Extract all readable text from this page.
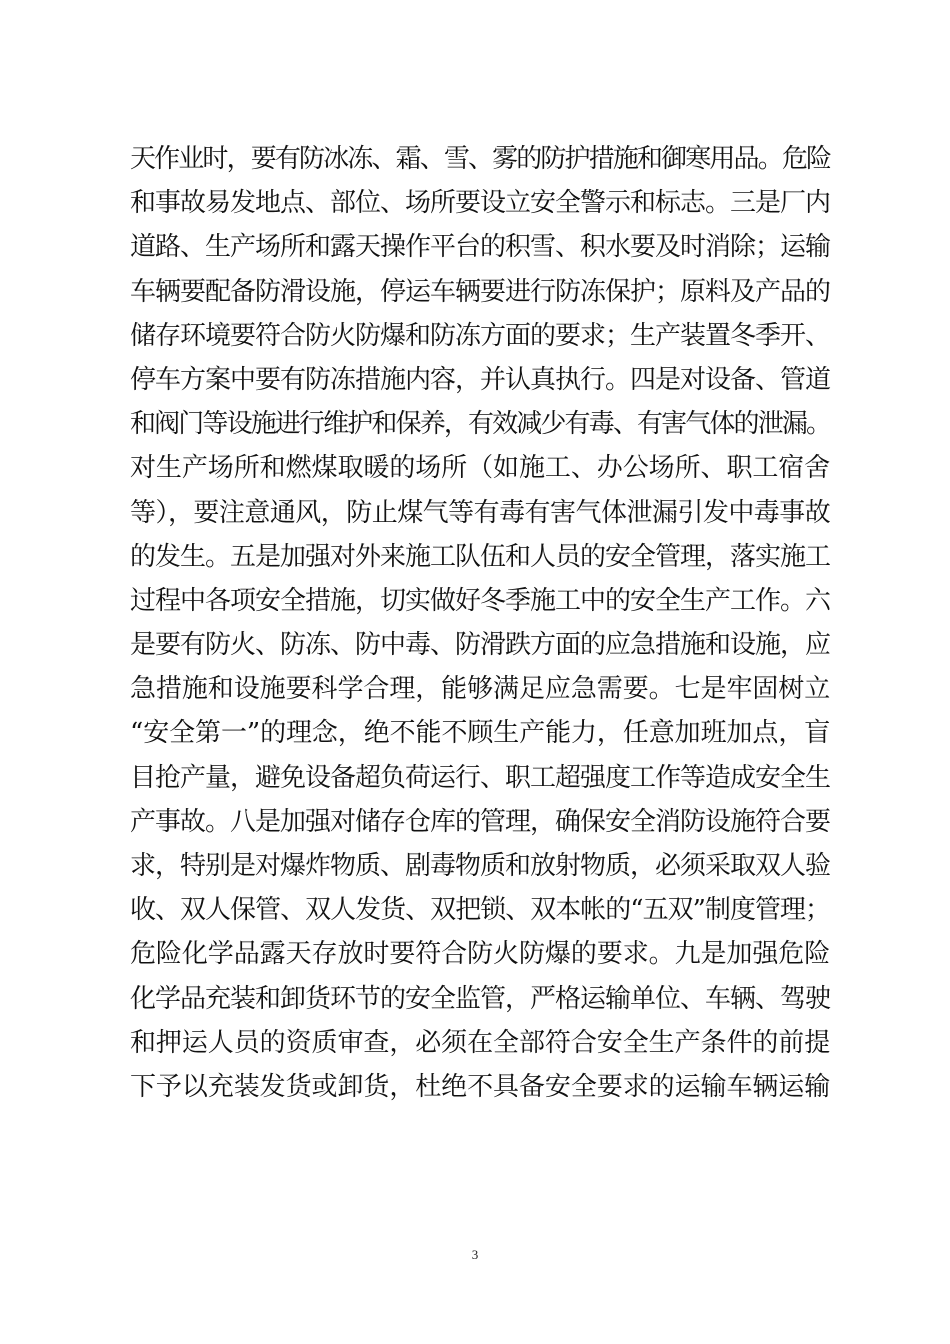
天作业时，要有防冰冻、霜、雪、雾的防护措施和御寒用品。危险
和事故易发地点、部位、场所要设立安全警示和标志。三是厂内
道路、生产场所和露天操作平台的积雪、积水要及时消除；运输
车辆要配备防滑设施，停运车辆要进行防冻保护；原料及产品的
储存环境要符合防火防爆和防冻方面的要求；生产装置冬季开、
停车方案中要有防冻措施内容，并认真执行。四是对设备、管道
和阀门等设施进行维护和保养，有效减少有毒、有害气体的泄漏。
对生产场所和燃煤取暖的场所（如施工、办公场所、职工宿舍
等），要注意通风，防止煤气等有毒有害气体泄漏引发中毒事故
的发生。五是加强对外来施工队伍和人员的安全管理，落实施工
过程中各项安全措施，切实做好冬季施工中的安全生产工作。六
是要有防火、防冻、防中毒、防滑跌方面的应急措施和设施，应
急措施和设施要科学合理，能够满足应急需要。七是牢固树立
“安全第一”的理念，绝不能不顾生产能力，任意加班加点，盲
目抢产量，避免设备超负荷运行、职工超强度工作等造成安全生
产事故。八是加强对储存仓库的管理，确保安全消防设施符合要
求，特别是对爆炸物质、剧毒物质和放射物质，必须采取双人验
收、双人保管、双人发货、双把锁、双本帐的“五双”制度管理；
危险化学品露天存放时要符合防火防爆的要求。九是加强危险
化学品充装和卸货环节的安全监管，严格运输单位、车辆、驾驶
和押运人员的资质审查，必须在全部符合安全生产条件的前提
下予以充装发货或卸货，杜绝不具备安全要求的运输车辆运输
3
